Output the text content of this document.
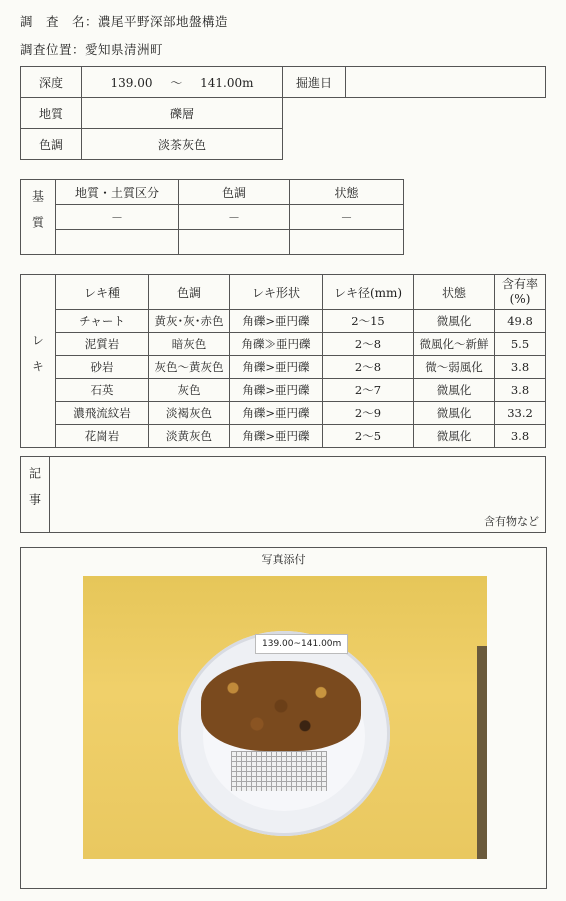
調　査　名：濃尾平野深部地盤構造
調査位置：愛知県清洲町
深度	139.00 ～ 141.00m	掘進日	
地質	礫層
色調	淡茶灰色
基質	地質・土質区分	色調	状態
	－	－	－

レキ	レキ種	色調	レキ形状	レキ径(mm)	状態	含有率
(%)
	チャート	黄灰･灰･赤色	角礫>亜円礫	2～15	微風化	49.8
	泥質岩	暗灰色	角礫≫亜円礫	2～8	微風化～新鮮	5.5
	砂岩	灰色～黄灰色	角礫>亜円礫	2～8	微～弱風化	3.8
	石英	灰色	角礫>亜円礫	2～7	微風化	3.8
	濃飛流紋岩	淡褐灰色	角礫>亜円礫	2～9	微風化	33.2
	花崗岩	淡黄灰色	角礫>亜円礫	2～5	微風化	3.8
記事	含有物など
写真添付
139.00~141.00m
